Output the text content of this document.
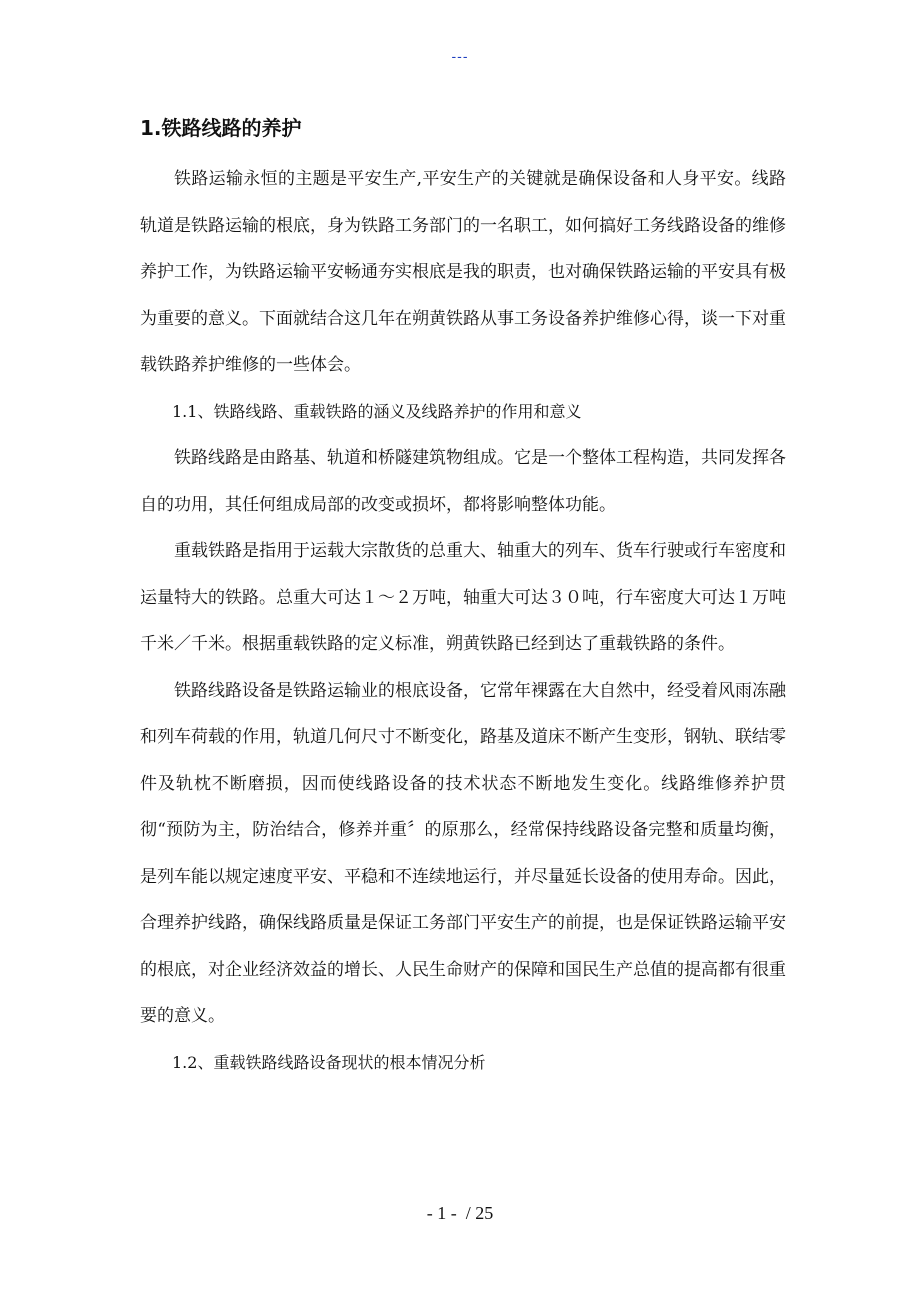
---
1.铁路线路的养护

铁路运输永恒的主题是平安生产,平安生产的关键就是确保设备和人身平安。线路轨道是铁路运输的根底，身为铁路工务部门的一名职工，如何搞好工务线路设备的维修养护工作，为铁路运输平安畅通夯实根底是我的职责，也对确保铁路运输的平安具有极为重要的意义。下面就结合这几年在朔黄铁路从事工务设备养护维修心得，谈一下对重载铁路养护维修的一些体会。

1.1、铁路线路、重载铁路的涵义及线路养护的作用和意义

铁路线路是由路基、轨道和桥隧建筑物组成。它是一个整体工程构造，共同发挥各自的功用，其任何组成局部的改变或损坏，都将影响整体功能。

重载铁路是指用于运载大宗散货的总重大、轴重大的列车、货车行驶或行车密度和运量特大的铁路。总重大可达１～２万吨，轴重大可达３０吨，行车密度大可达１万吨千米／千米。根据重载铁路的定义标准，朔黄铁路已经到达了重载铁路的条件。

铁路线路设备是铁路运输业的根底设备，它常年裸露在大自然中，经受着风雨冻融和列车荷载的作用，轨道几何尺寸不断变化，路基及道床不断产生变形，钢轨、联结零件及轨枕不断磨损，因而使线路设备的技术状态不断地发生变化。线路维修养护贯彻“预防为主，防治结合，修养并重〞的原那么，经常保持线路设备完整和质量均衡，是列车能以规定速度平安、平稳和不连续地运行，并尽量延长设备的使用寿命。因此，合理养护线路，确保线路质量是保证工务部门平安生产的前提，也是保证铁路运输平安的根底，对企业经济效益的增长、人民生命财产的保障和国民生产总值的提高都有很重要的意义。

1.2、重载铁路线路设备现状的根本情况分析

- 1 -  / 25
